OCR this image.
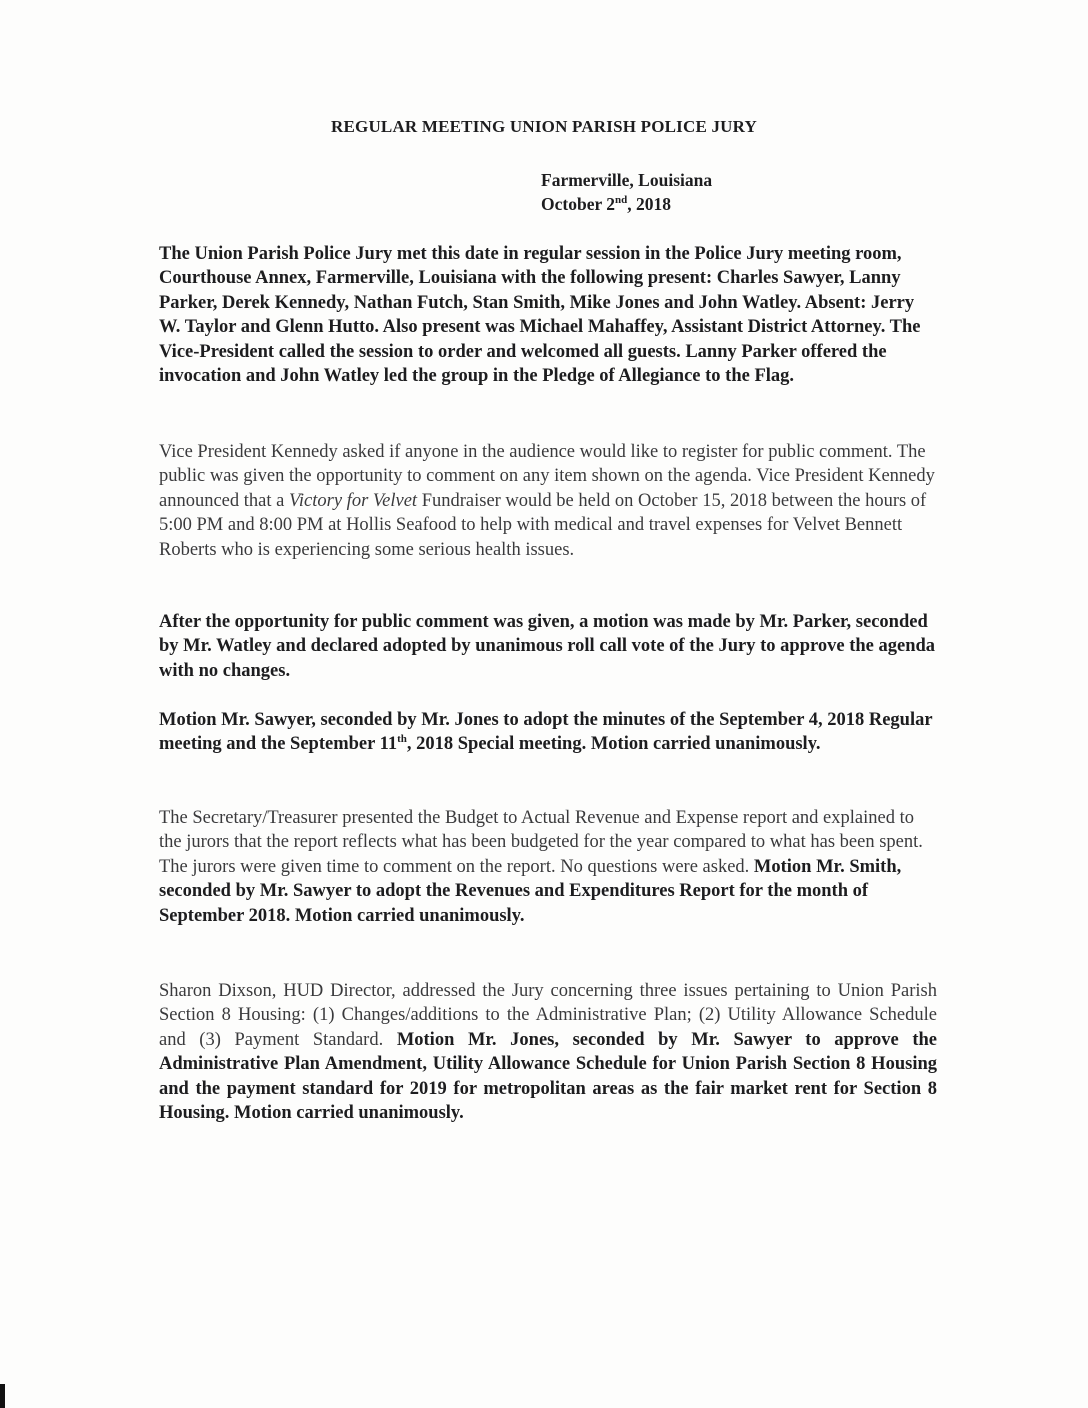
REGULAR MEETING UNION PARISH POLICE JURY
Farmerville, Louisiana
October 2nd, 2018
The Union Parish Police Jury met this date in regular session in the Police Jury meeting room, Courthouse Annex, Farmerville, Louisiana with the following present: Charles Sawyer, Lanny Parker, Derek Kennedy, Nathan Futch, Stan Smith, Mike Jones and John Watley. Absent: Jerry W. Taylor and Glenn Hutto. Also present was Michael Mahaffey, Assistant District Attorney. The Vice-President called the session to order and welcomed all guests. Lanny Parker offered the invocation and John Watley led the group in the Pledge of Allegiance to the Flag.
Vice President Kennedy asked if anyone in the audience would like to register for public comment. The public was given the opportunity to comment on any item shown on the agenda. Vice President Kennedy announced that a Victory for Velvet Fundraiser would be held on October 15, 2018 between the hours of 5:00 PM and 8:00 PM at Hollis Seafood to help with medical and travel expenses for Velvet Bennett Roberts who is experiencing some serious health issues.
After the opportunity for public comment was given, a motion was made by Mr. Parker, seconded by Mr. Watley and declared adopted by unanimous roll call vote of the Jury to approve the agenda with no changes.
Motion Mr. Sawyer, seconded by Mr. Jones to adopt the minutes of the September 4, 2018 Regular meeting and the September 11th, 2018 Special meeting. Motion carried unanimously.
The Secretary/Treasurer presented the Budget to Actual Revenue and Expense report and explained to the jurors that the report reflects what has been budgeted for the year compared to what has been spent. The jurors were given time to comment on the report. No questions were asked. Motion Mr. Smith, seconded by Mr. Sawyer to adopt the Revenues and Expenditures Report for the month of September 2018. Motion carried unanimously.
Sharon Dixson, HUD Director, addressed the Jury concerning three issues pertaining to Union Parish Section 8 Housing: (1) Changes/additions to the Administrative Plan; (2) Utility Allowance Schedule and (3) Payment Standard. Motion Mr. Jones, seconded by Mr. Sawyer to approve the Administrative Plan Amendment, Utility Allowance Schedule for Union Parish Section 8 Housing and the payment standard for 2019 for metropolitan areas as the fair market rent for Section 8 Housing. Motion carried unanimously.
